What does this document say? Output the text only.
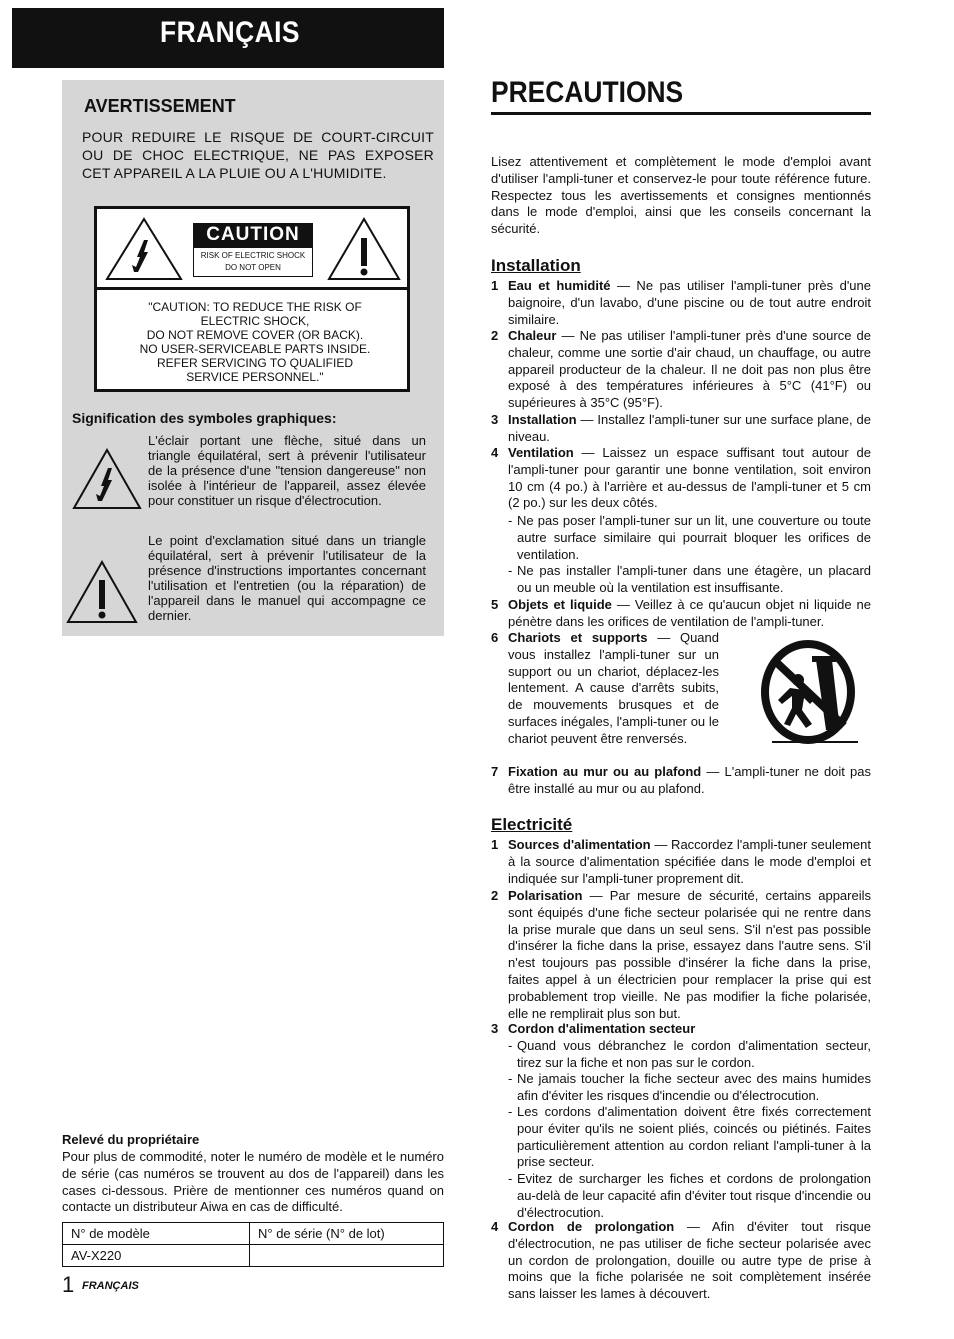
FRANÇAIS
AVERTISSEMENT
POUR REDUIRE LE RISQUE DE COURT-CIRCUIT OU DE CHOC ELECTRIQUE, NE PAS EXPOSER CET APPAREIL A LA PLUIE OU A L'HUMIDITE.
CAUTION
RISK OF ELECTRIC SHOCK
DO NOT OPEN
"CAUTION: TO REDUCE THE RISK OF
ELECTRIC SHOCK,
DO NOT REMOVE COVER (OR BACK).
NO USER-SERVICEABLE PARTS INSIDE.
REFER SERVICING TO QUALIFIED
SERVICE PERSONNEL."
Signification des symboles graphiques:
L'éclair portant une flèche, situé dans un triangle équilatéral, sert à prévenir l'utilisateur de la présence d'une "tension dangereuse" non isolée à l'intérieur de l'appareil, assez élevée pour constituer un risque d'électrocution.
Le point d'exclamation situé dans un triangle équilatéral, sert à prévenir l'utilisateur de la présence d'instructions importantes concernant l'utilisation et l'entretien (ou la réparation) de l'appareil dans le manuel qui accompagne ce dernier.
Relevé du propriétaire
Pour plus de commodité, noter le numéro de modèle et le numéro de série (cas numéros se trouvent au dos de l'appareil) dans les cases ci-dessous. Prière de mentionner ces numéros quand on contacte un distributeur Aiwa en cas de difficulté.
N° de modèle	N° de série (N° de lot)
AV-X220	
1 FRANÇAIS
PRECAUTIONS
Lisez attentivement et complètement le mode d'emploi avant d'utiliser l'ampli-tuner et conservez-le pour toute référence future. Respectez tous les avertissements et consignes mentionnés dans le mode d'emploi, ainsi que les conseils concernant la sécurité.
Installation
1 Eau et humidité — Ne pas utiliser l'ampli-tuner près d'une baignoire, d'un lavabo, d'une piscine ou de tout autre endroit similaire.
2 Chaleur — Ne pas utiliser l'ampli-tuner près d'une source de chaleur, comme une sortie d'air chaud, un chauffage, ou autre appareil producteur de la chaleur. Il ne doit pas non plus être exposé à des températures inférieures à 5°C (41°F) ou supérieures à 35°C (95°F).
3 Installation — Installez l'ampli-tuner sur une surface plane, de niveau.
4 Ventilation — Laissez un espace suffisant tout autour de l'ampli-tuner pour garantir une bonne ventilation, soit environ 10 cm (4 po.) à l'arrière et au-dessus de l'ampli-tuner et 5 cm (2 po.) sur les deux côtés.
- Ne pas poser l'ampli-tuner sur un lit, une couverture ou toute autre surface similaire qui pourrait bloquer les orifices de ventilation.
- Ne pas installer l'ampli-tuner dans une étagère, un placard ou un meuble où la ventilation est insuffisante.
5 Objets et liquide — Veillez à ce qu'aucun objet ni liquide ne pénètre dans les orifices de ventilation de l'ampli-tuner.
6 Chariots et supports — Quand vous installez l'ampli-tuner sur un support ou un chariot, déplacez-les lentement. A cause d'arrêts subits, de mouvements brusques et de surfaces inégales, l'ampli-tuner ou le chariot peuvent être renversés.
7 Fixation au mur ou au plafond — L'ampli-tuner ne doit pas être installé au mur ou au plafond.
Electricité
1 Sources d'alimentation — Raccordez l'ampli-tuner seulement à la source d'alimentation spécifiée dans le mode d'emploi et indiquée sur l'ampli-tuner proprement dit.
2 Polarisation — Par mesure de sécurité, certains appareils sont équipés d'une fiche secteur polarisée qui ne rentre dans la prise murale que dans un seul sens. S'il n'est pas possible d'insérer la fiche dans la prise, essayez dans l'autre sens. S'il n'est toujours pas possible d'insérer la fiche dans la prise, faites appel à un électricien pour remplacer la prise qui est probablement trop vieille. Ne pas modifier la fiche polarisée, elle ne remplirait plus son but.
3 Cordon d'alimentation secteur
- Quand vous débranchez le cordon d'alimentation secteur, tirez sur la fiche et non pas sur le cordon.
- Ne jamais toucher la fiche secteur avec des mains humides afin d'éviter les risques d'incendie ou d'électrocution.
- Les cordons d'alimentation doivent être fixés correctement pour éviter qu'ils ne soient pliés, coincés ou piétinés. Faites particulièrement attention au cordon reliant l'ampli-tuner à la prise secteur.
- Evitez de surcharger les fiches et cordons de prolongation au-delà de leur capacité afin d'éviter tout risque d'incendie ou d'électrocution.
4 Cordon de prolongation — Afin d'éviter tout risque d'électrocution, ne pas utiliser de fiche secteur polarisée avec un cordon de prolongation, douille ou autre type de prise à moins que la fiche polarisée ne soit complètement insérée sans laisser les lames à découvert.
